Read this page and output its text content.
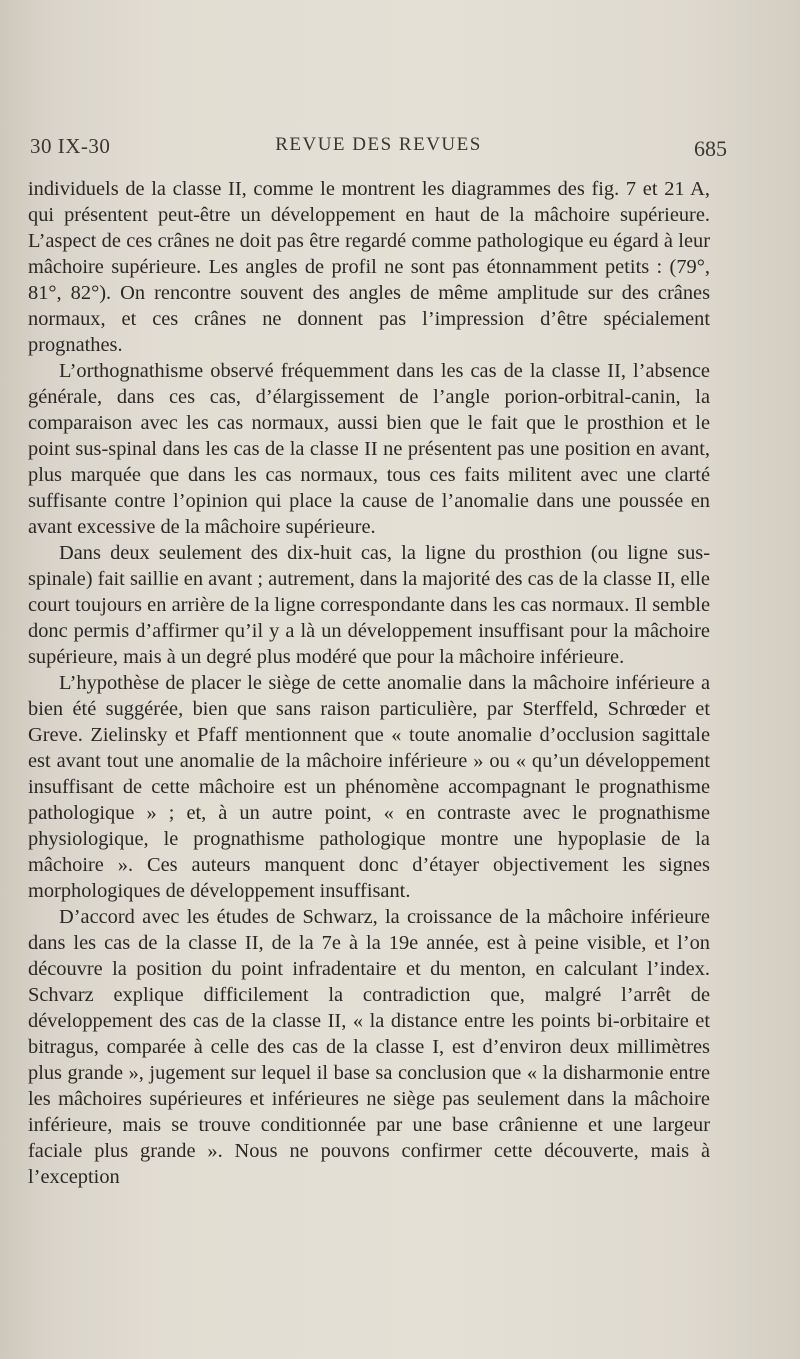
30 IX-30	REVUE DES REVUES	685

individuels de la classe II, comme le montrent les diagrammes des fig. 7 et 21 A, qui présentent peut-être un développement en haut de la mâchoire supérieure. L’aspect de ces crânes ne doit pas être regardé comme pathologique eu égard à leur mâchoire supérieure. Les angles de profil ne sont pas étonnamment petits : (79°, 81°, 82°). On rencontre souvent des angles de même amplitude sur des crânes normaux, et ces crânes ne donnent pas l’impression d’être spécialement prognathes.

L’orthognathisme observé fréquemment dans les cas de la classe II, l’absence générale, dans ces cas, d’élargissement de l’angle porion-orbitral-canin, la comparaison avec les cas normaux, aussi bien que le fait que le prosthion et le point sus-spinal dans les cas de la classe II ne présentent pas une position en avant, plus marquée que dans les cas normaux, tous ces faits militent avec une clarté suffisante contre l’opinion qui place la cause de l’anomalie dans une poussée en avant excessive de la mâchoire supérieure.

Dans deux seulement des dix-huit cas, la ligne du prosthion (ou ligne sus-spinale) fait saillie en avant ; autrement, dans la majorité des cas de la classe II, elle court toujours en arrière de la ligne correspondante dans les cas normaux. Il semble donc permis d’affirmer qu’il y a là un développement insuffisant pour la mâchoire supérieure, mais à un degré plus modéré que pour la mâchoire inférieure.

L’hypothèse de placer le siège de cette anomalie dans la mâchoire inférieure a bien été suggérée, bien que sans raison particulière, par Sterffeld, Schrœder et Greve. Zielinsky et Pfaff mentionnent que « toute anomalie d’occlusion sagittale est avant tout une anomalie de la mâchoire inférieure » ou « qu’un développement insuffisant de cette mâchoire est un phénomène accompagnant le prognathisme pathologique » ; et, à un autre point, « en contraste avec le prognathisme physiologique, le prognathisme pathologique montre une hypoplasie de la mâchoire ». Ces auteurs manquent donc d’étayer objectivement les signes morphologiques de développement insuffisant.

D’accord avec les études de Schwarz, la croissance de la mâchoire inférieure dans les cas de la classe II, de la 7e à la 19e année, est à peine visible, et l’on découvre la position du point infradentaire et du menton, en calculant l’index. Schvarz explique difficilement la contradiction que, malgré l’arrêt de développement des cas de la classe II, « la distance entre les points bi-orbitaire et bitragus, comparée à celle des cas de la classe I, est d’environ deux millimètres plus grande », jugement sur lequel il base sa conclusion que « la disharmonie entre les mâchoires supérieures et inférieures ne siège pas seulement dans la mâchoire inférieure, mais se trouve conditionnée par une base crânienne et une largeur faciale plus grande ». Nous ne pouvons confirmer cette découverte, mais à l’exception
